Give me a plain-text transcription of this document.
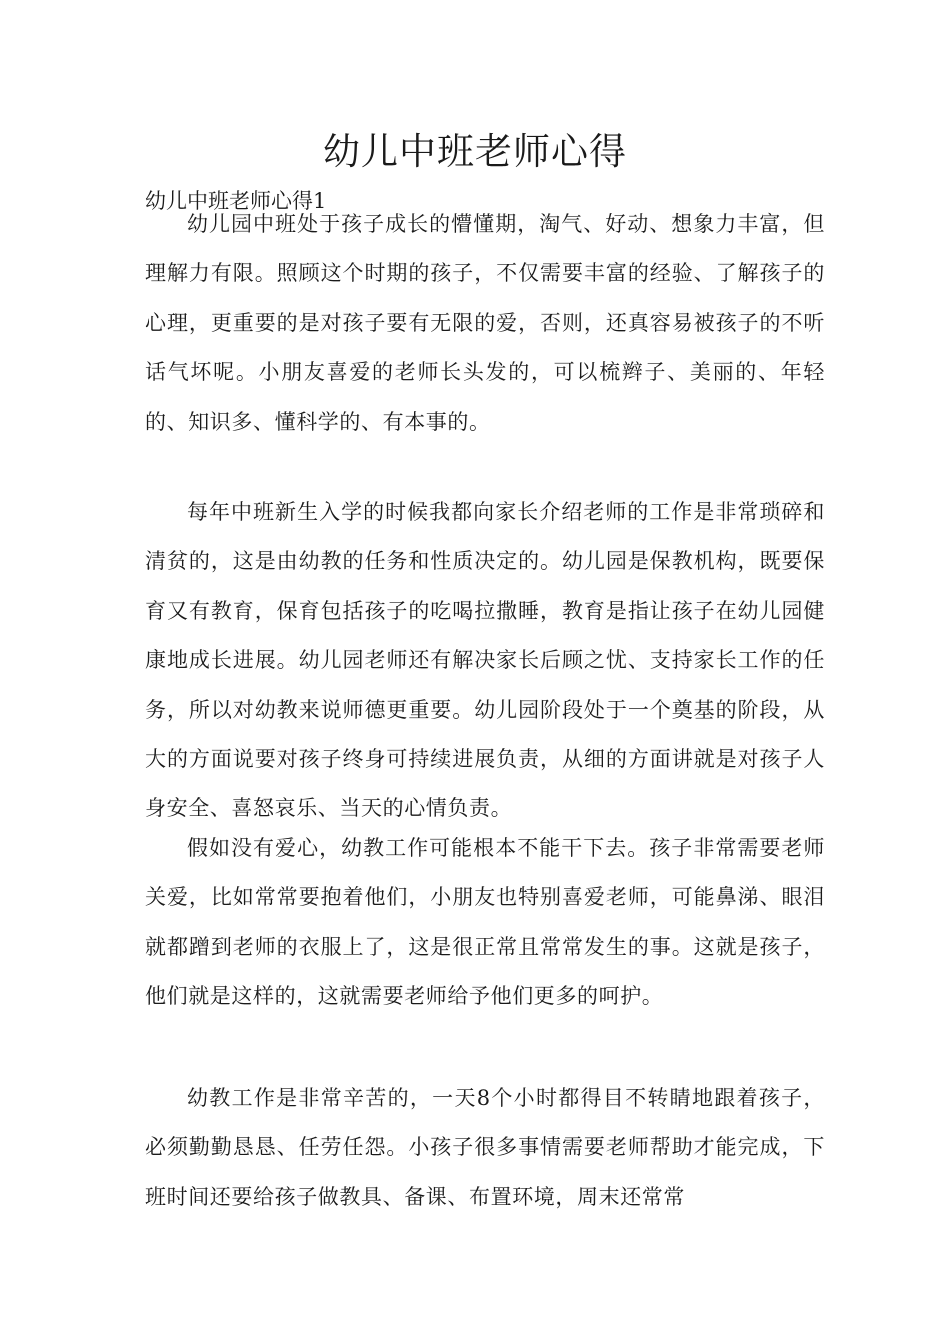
幼儿中班老师心得

幼儿中班老师心得1

幼儿园中班处于孩子成长的懵懂期，淘气、好动、想象力丰富，但理解力有限。照顾这个时期的孩子，不仅需要丰富的经验、了解孩子的心理，更重要的是对孩子要有无限的爱，否则，还真容易被孩子的不听话气坏呢。小朋友喜爱的老师长头发的，可以梳辫子、美丽的、年轻的、知识多、懂科学的、有本事的。

每年中班新生入学的时候我都向家长介绍老师的工作是非常琐碎和清贫的，这是由幼教的任务和性质决定的。幼儿园是保教机构，既要保育又有教育，保育包括孩子的吃喝拉撒睡，教育是指让孩子在幼儿园健康地成长进展。幼儿园老师还有解决家长后顾之忧、支持家长工作的任务，所以对幼教来说师德更重要。幼儿园阶段处于一个奠基的阶段，从大的方面说要对孩子终身可持续进展负责，从细的方面讲就是对孩子人身安全、喜怒哀乐、当天的心情负责。

假如没有爱心，幼教工作可能根本不能干下去。孩子非常需要老师关爱，比如常常要抱着他们，小朋友也特别喜爱老师，可能鼻涕、眼泪就都蹭到老师的衣服上了，这是很正常且常常发生的事。这就是孩子，他们就是这样的，这就需要老师给予他们更多的呵护。

幼教工作是非常辛苦的，一天8个小时都得目不转睛地跟着孩子，必须勤勤恳恳、任劳任怨。小孩子很多事情需要老师帮助才能完成，下班时间还要给孩子做教具、备课、布置环境，周末还常常
